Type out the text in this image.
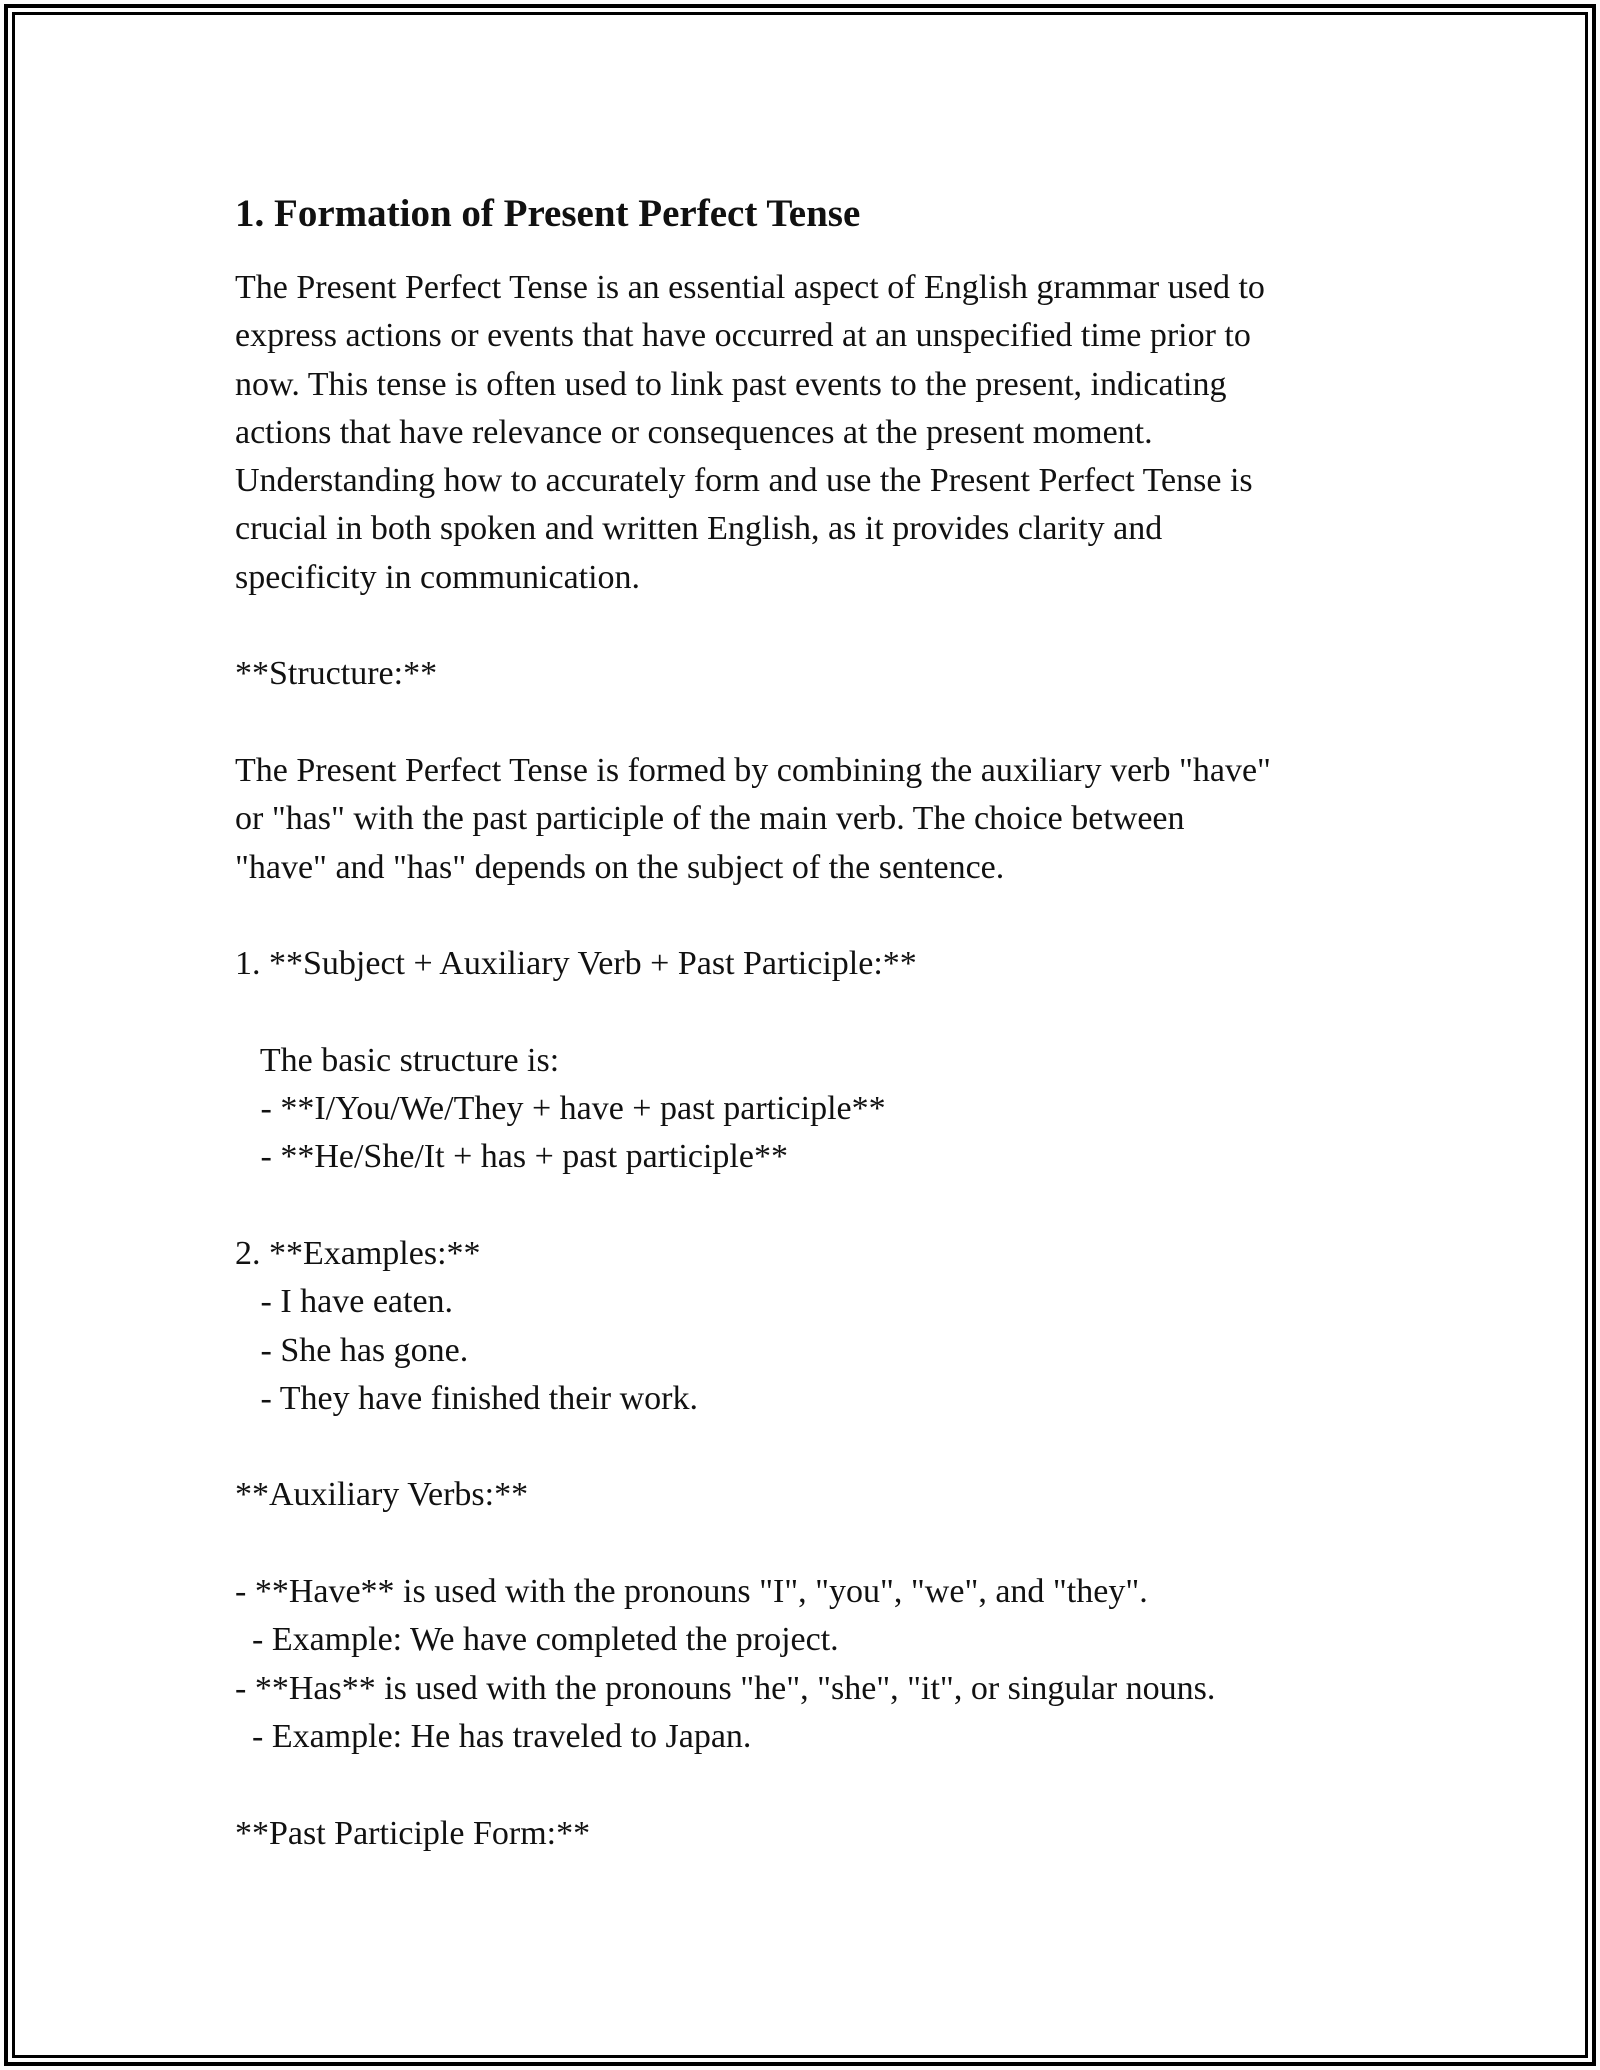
1. Formation of Present Perfect Tense
The Present Perfect Tense is an essential aspect of English grammar used to
express actions or events that have occurred at an unspecified time prior to
now. This tense is often used to link past events to the present, indicating
actions that have relevance or consequences at the present moment.
Understanding how to accurately form and use the Present Perfect Tense is
crucial in both spoken and written English, as it provides clarity and
specificity in communication.
**Structure:**
The Present Perfect Tense is formed by combining the auxiliary verb "have"
or "has" with the past participle of the main verb. The choice between
"have" and "has" depends on the subject of the sentence.
1. **Subject + Auxiliary Verb + Past Participle:**
The basic structure is:
- **I/You/We/They + have + past participle**
- **He/She/It + has + past participle**
2. **Examples:**
- I have eaten.
- She has gone.
- They have finished their work.
**Auxiliary Verbs:**
- **Have** is used with the pronouns "I", "you", "we", and "they".
- Example: We have completed the project.
- **Has** is used with the pronouns "he", "she", "it", or singular nouns.
- Example: He has traveled to Japan.
**Past Participle Form:**
